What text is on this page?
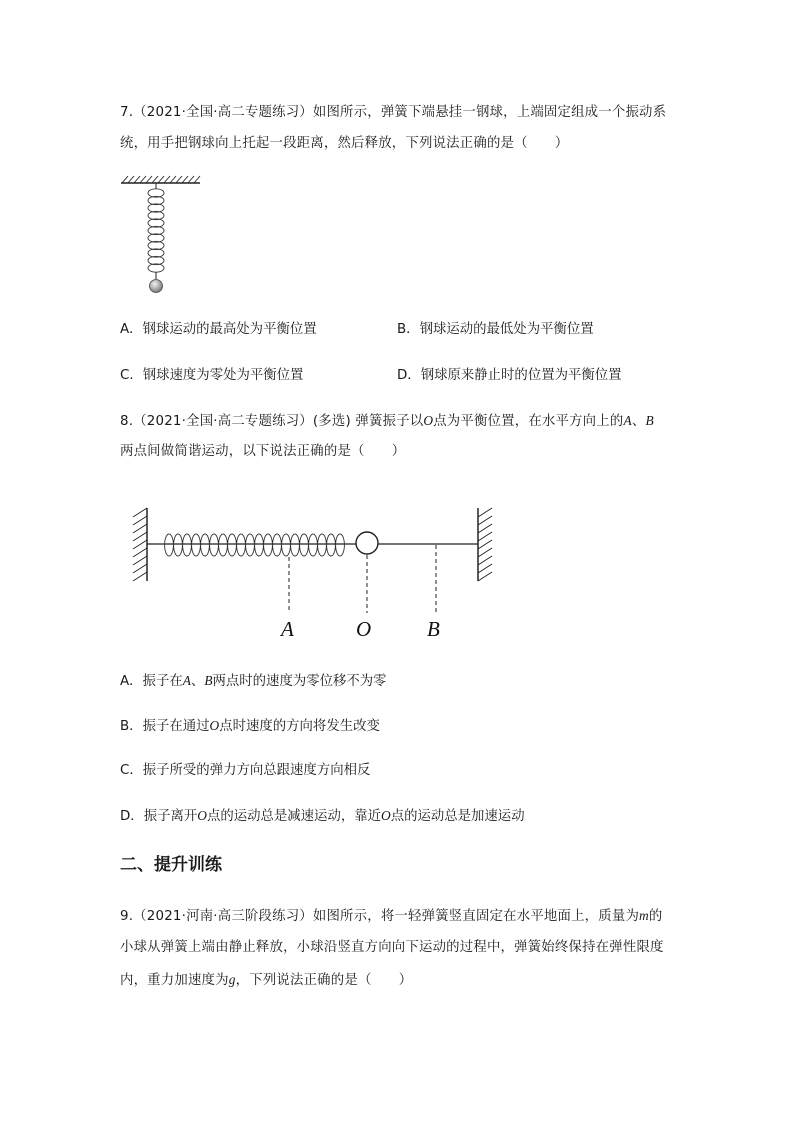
7.（2021·全国·高二专题练习）如图所示，弹簧下端悬挂一钢球，上端固定组成一个振动系
统，用手把钢球向上托起一段距离，然后释放，下列说法正确的是（　　）
A．钢球运动的最高处为平衡位置	B．钢球运动的最低处为平衡位置
C．钢球速度为零处为平衡位置	D．钢球原来静止时的位置为平衡位置
8.（2021·全国·高二专题练习）(多选) 弹簧振子以O点为平衡位置，在水平方向上的A、B
两点间做简谐运动，以下说法正确的是（　　）
A	O	B
A．振子在A、B两点时的速度为零位移不为零
B．振子在通过O点时速度的方向将发生改变
C．振子所受的弹力方向总跟速度方向相反
D．振子离开O点的运动总是减速运动，靠近O点的运动总是加速运动
二、提升训练
9.（2021·河南·高三阶段练习）如图所示，将一轻弹簧竖直固定在水平地面上，质量为m的
小球从弹簧上端由静止释放，小球沿竖直方向向下运动的过程中，弹簧始终保持在弹性限度
内，重力加速度为g，下列说法正确的是（　　）
